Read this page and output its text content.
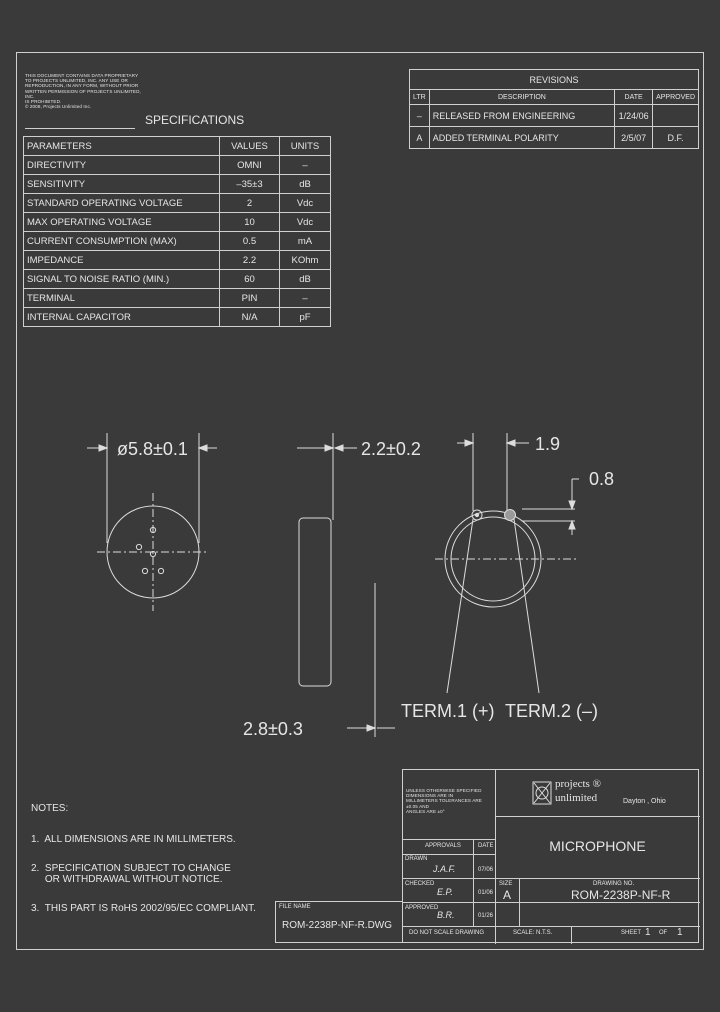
THIS DOCUMENT CONTAINS DATA PROPRIETARY
TO PROJECTS UNLIMITED, INC. ANY USE OR
REPRODUCTION, IN ANY FORM, WITHOUT PRIOR
WRITTEN PERMISSION OF PROJECTS UNLIMITED, INC.
IS PROHIBITED.
© 2008, Projects Unlimited Inc.
SPECIFICATIONS
PARAMETERS	VALUES	UNITS
DIRECTIVITY	OMNI	–
SENSITIVITY	–35±3	dB
STANDARD OPERATING VOLTAGE	2	Vdc
MAX OPERATING VOLTAGE	10	Vdc
CURRENT CONSUMPTION (MAX)	0.5	mA
IMPEDANCE	2.2	KOhm
SIGNAL TO NOISE RATIO (MIN.)	60	dB
TERMINAL	PIN	–
INTERNAL CAPACITOR	N/A	pF
REVISIONS			
LTR	DESCRIPTION	DATE	APPROVED
–	RELEASED FROM ENGINEERING	1/24/06	
A	ADDED TERMINAL POLARITY	2/5/07	D.F.
ø5.8±0.1	2.2±0.2
2.8±0.3
1.9
0.8
TERM.1 (+) TERM.2 (–)
NOTES:
1.  ALL DIMENSIONS ARE IN MILLIMETERS.
2.  SPECIFICATION SUBJECT TO CHANGE
OR WITHDRAWAL WITHOUT NOTICE.
3.  THIS PART IS RoHS 2002/95/EC COMPLIANT.	FILE NAME
ROM-2238P-NF-R.DWG
UNLESS OTHERWISE SPECIFIED
DIMENSIONS ARE IN
MILLIMETERS TOLERANCES ARE ±0.05 AND
ANGLES ARE ±0°
projects ®
unlimited	Dayton , Ohio
APPROVALS	DATE
DRAWN
J.A.F.	07/06
CHECKED
E.P.	01/06
APPROVED
B.R.	01/26
MICROPHONE
SIZE
A
DRAWING NO.
ROM-2238P-NF-R
DO NOT SCALE DRAWING	SCALE: N.T.S.	SHEET 1 OF 1
